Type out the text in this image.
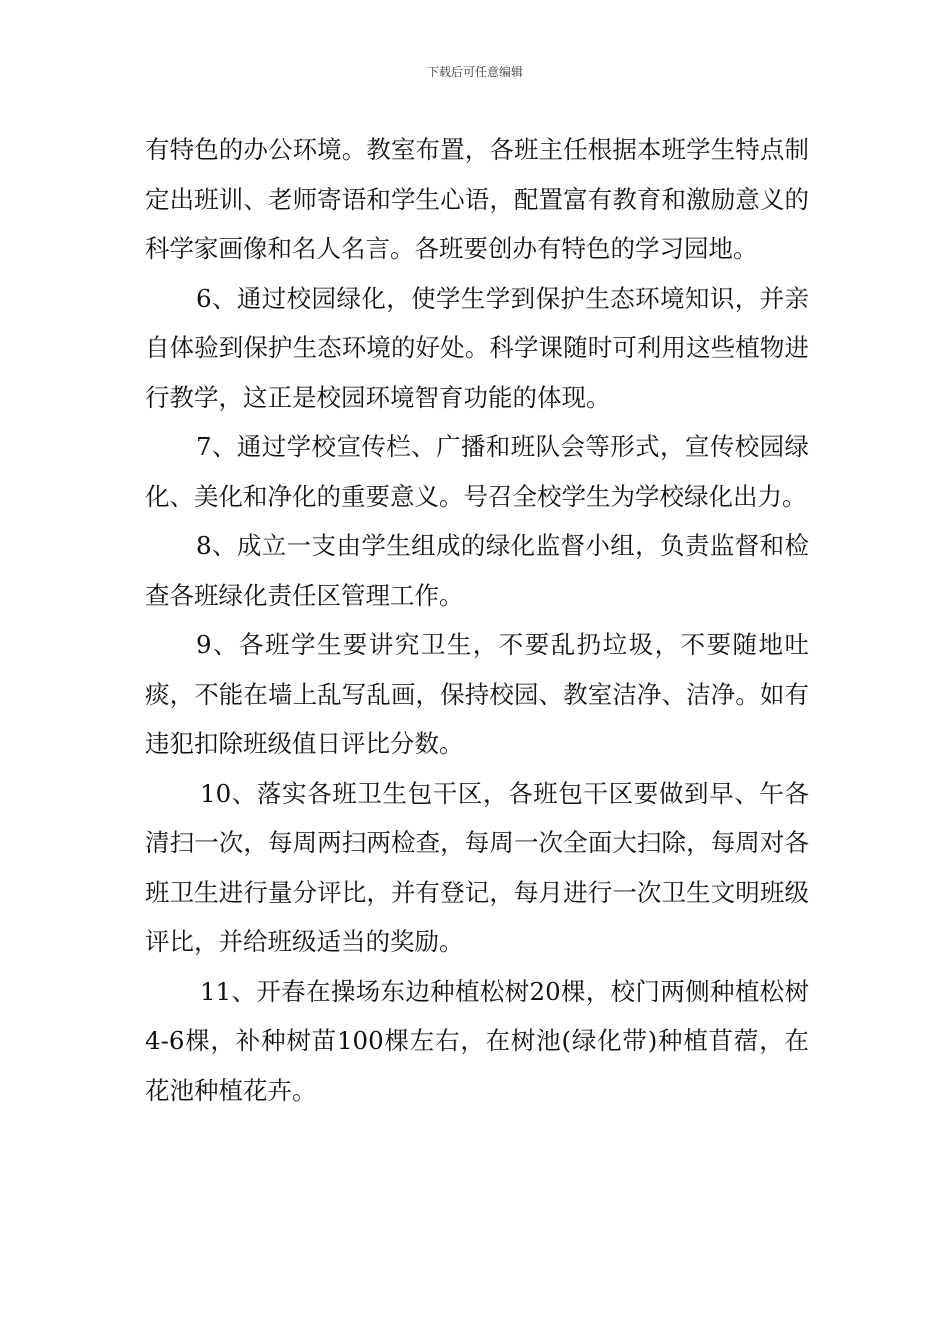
下载后可任意编辑

有特色的办公环境。教室布置，各班主任根据本班学生特点制定出班训、老师寄语和学生心语，配置富有教育和激励意义的科学家画像和名人名言。各班要创办有特色的学习园地。

6、通过校园绿化，使学生学到保护生态环境知识，并亲自体验到保护生态环境的好处。科学课随时可利用这些植物进行教学，这正是校园环境智育功能的体现。

7、通过学校宣传栏、广播和班队会等形式，宣传校园绿化、美化和净化的重要意义。号召全校学生为学校绿化出力。

8、成立一支由学生组成的绿化监督小组，负责监督和检查各班绿化责任区管理工作。

9、各班学生要讲究卫生，不要乱扔垃圾，不要随地吐痰，不能在墙上乱写乱画，保持校园、教室洁净、洁净。如有违犯扣除班级值日评比分数。

10、落实各班卫生包干区，各班包干区要做到早、午各清扫一次，每周两扫两检查，每周一次全面大扫除，每周对各班卫生进行量分评比，并有登记，每月进行一次卫生文明班级评比，并给班级适当的奖励。

11、开春在操场东边种植松树20棵，校门两侧种植松树4-6棵，补种树苗100棵左右，在树池(绿化带)种植苜蓿，在花池种植花卉。
